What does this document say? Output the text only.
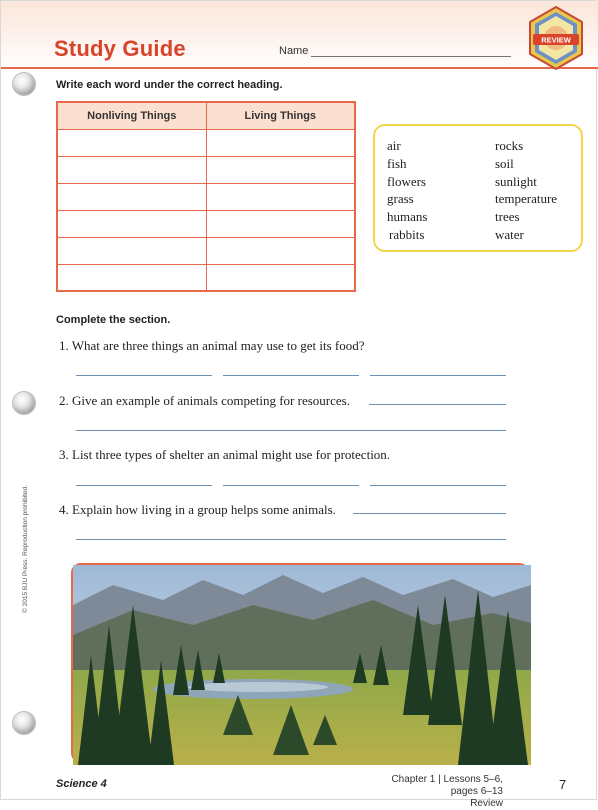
Study Guide	Name
REVIEW
Write each word under the correct heading.
Nonliving Things	Living Things

air
fish
flowers
grass
humans
rabbits
rocks
soil
sunlight
temperature
trees
water
Complete the section.
1. What are three things an animal may use to get its food?
2. Give an example of animals competing for resources.
3. List three types of shelter an animal might use for protection.
4. Explain how living in a group helps some animals.
© 2015 BJU Press. Reproduction prohibited.
Science 4	Chapter 1 | Lessons 5–6, pages 6–13
Review
7
